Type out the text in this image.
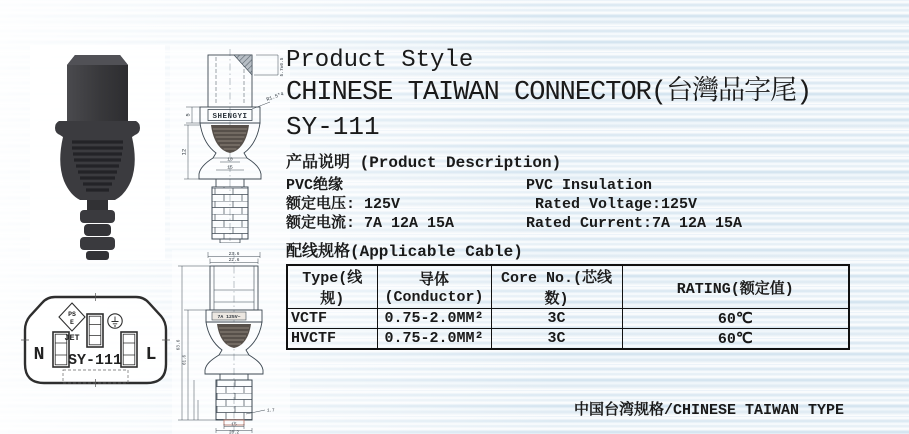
SHENGYI
5
12
R1.5*4
5.7±0.5
10
15
N	L
PS
E
JET
SY-111
23.6
22.6
7A 125V~
63.6
61.6
15
20.2
1.7
Product Style
CHINESE TAIWAN CONNECTOR(台灣品字尾)
SY-111
产品说明 (Product Description)
PVC绝缘	PVC Insulation
额定电压: 125V	Rated Voltage:125V
额定电流: 7A 12A 15A	Rated Current:7A 12A 15A
配线规格(Applicable Cable)
Type(线规)	导体(Conductor)	Core No.(芯线数)	RATING(额定值)
VCTF	0.75-2.0MM²	3C	60℃
HVCTF	0.75-2.0MM²	3C	60℃
中国台湾规格/CHINESE TAIWAN TYPE
